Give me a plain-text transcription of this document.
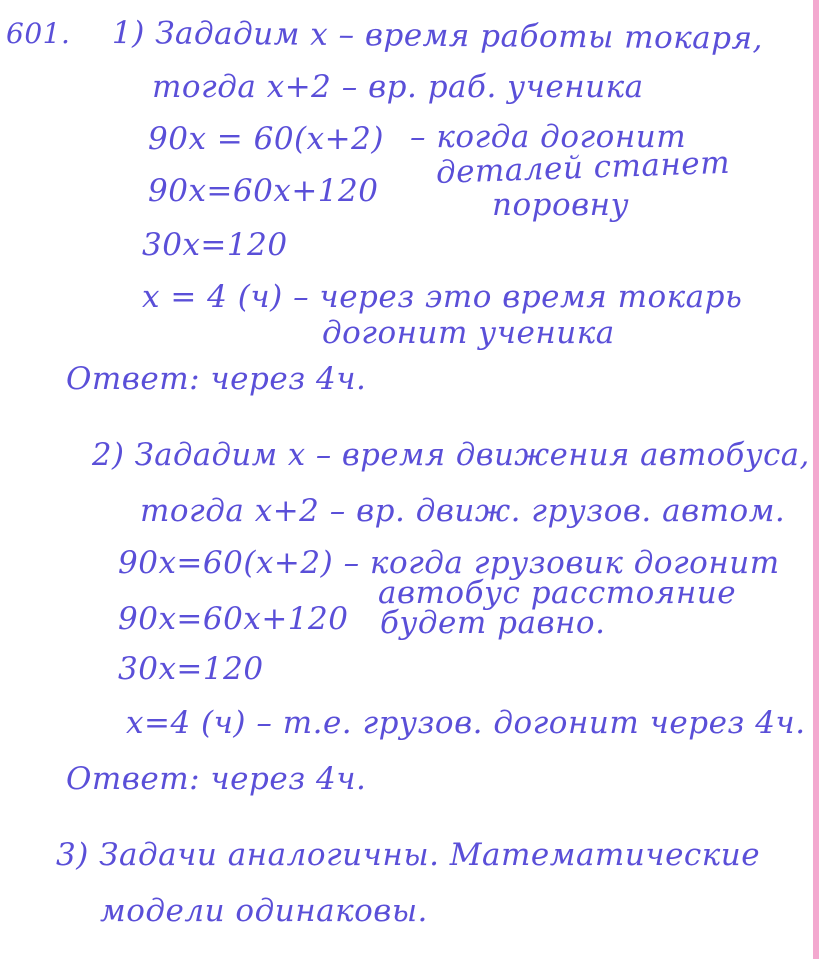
601. 1) Зададим x – время работы токаря,
тогда x+2 – вр. раб. ученика
90x = 60(x+2) – когда догонит
90x=60x+120
деталей станет
поровну
30x=120
x = 4 (ч) – через это время токарь
догонит ученика
Ответ: через 4ч.
2) Зададим x – время движения автобуса,
тогда x+2 – вр. движ. грузов. автом.
90x=60(x+2) – когда грузовик догонит
автобус расстояние
90x=60x+120 будет равно.
30x=120
x=4 (ч) – т.е. грузов. догонит через 4ч.
Ответ: через 4ч.
3) Задачи аналогичны. Математические
модели одинаковы.
